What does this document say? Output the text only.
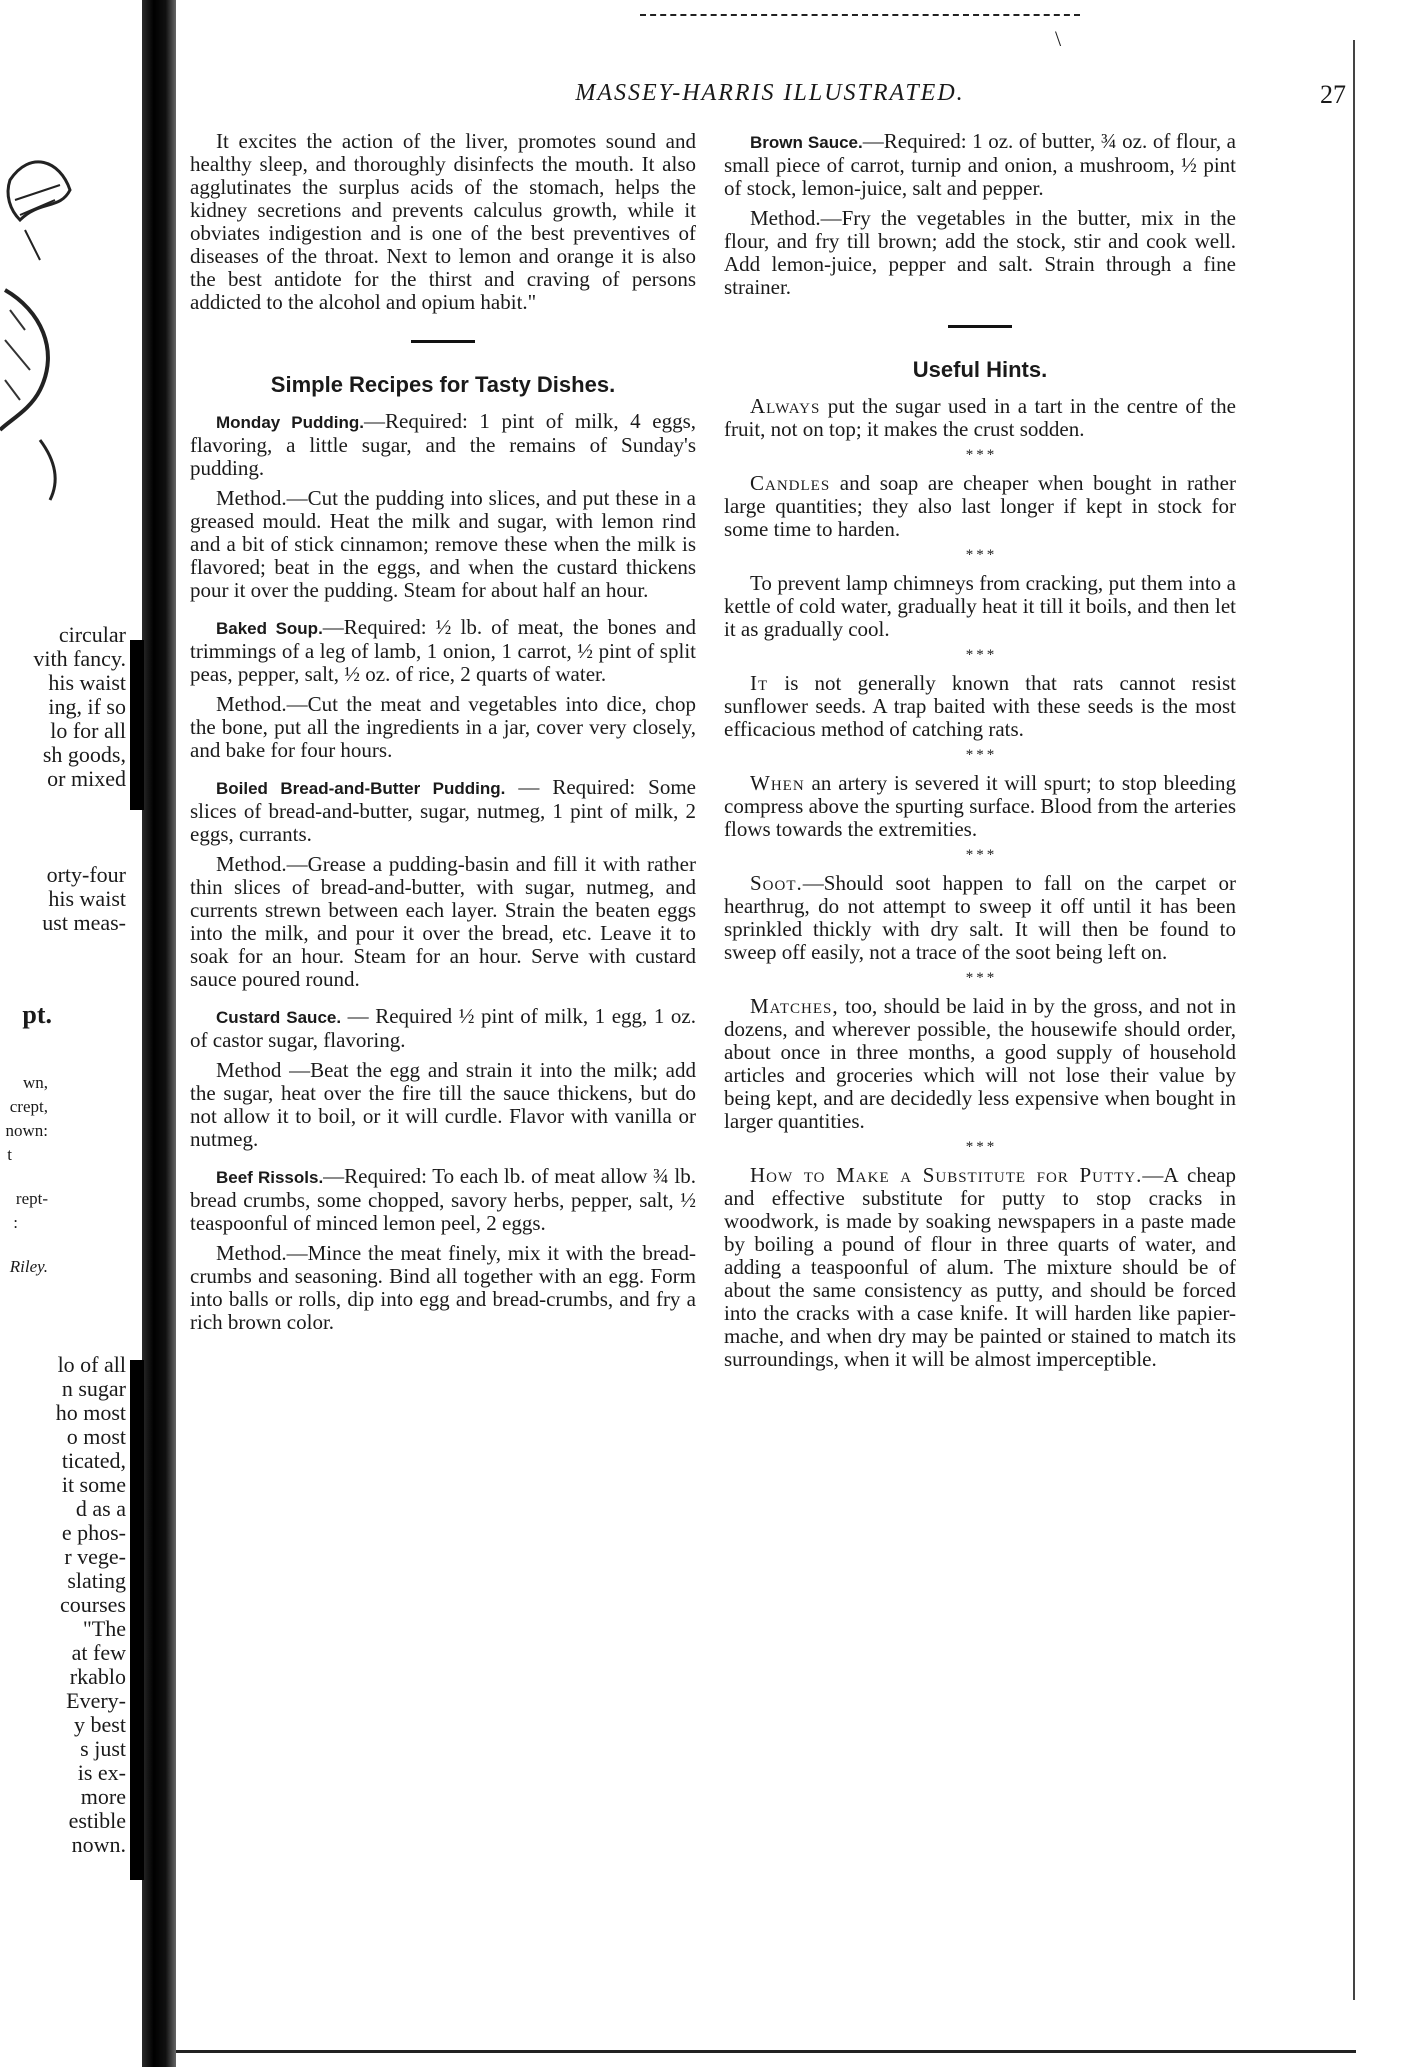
circular
vith fancy.
his waist
ing, if so
lo for all
sh goods,
or mixed
orty-four
his waist
ust meas-
pt.
wn,
crept,
nown:
t
rept-
:
Riley.
lo of all
n sugar
ho most
o most
ticated,
it some
d as a
e phos-
r vege-
slating
courses
"The
at few
rkablo
Every-
y best
s just
is ex-
more
estible
nown.
\
MASSEY-HARRIS ILLUSTRATED.	27

It excites the action of the liver, promotes sound and healthy sleep, and thoroughly disinfects the mouth. It also agglutinates the surplus acids of the stomach, helps the kidney secretions and prevents calculus growth, while it obviates indigestion and is one of the best preventives of diseases of the throat. Next to lemon and orange it is also the best antidote for the thirst and craving of persons addicted to the alcohol and opium habit."

Simple Recipes for Tasty Dishes.

Monday Pudding.—Required: 1 pint of milk, 4 eggs, flavoring, a little sugar, and the remains of Sunday's pudding.

Method.—Cut the pudding into slices, and put these in a greased mould. Heat the milk and sugar, with lemon rind and a bit of stick cinnamon; remove these when the milk is flavored; beat in the eggs, and when the custard thickens pour it over the pudding. Steam for about half an hour.

Baked Soup.—Required: ½ lb. of meat, the bones and trimmings of a leg of lamb, 1 onion, 1 carrot, ½ pint of split peas, pepper, salt, ½ oz. of rice, 2 quarts of water.

Method.—Cut the meat and vegetables into dice, chop the bone, put all the ingredients in a jar, cover very closely, and bake for four hours.

Boiled Bread-and-Butter Pudding. — Required: Some slices of bread-and-butter, sugar, nutmeg, 1 pint of milk, 2 eggs, currants.

Method.—Grease a pudding-basin and fill it with rather thin slices of bread-and-butter, with sugar, nutmeg, and currents strewn between each layer. Strain the beaten eggs into the milk, and pour it over the bread, etc. Leave it to soak for an hour. Steam for an hour. Serve with custard sauce poured round.

Custard Sauce. — Required ½ pint of milk, 1 egg, 1 oz. of castor sugar, flavoring.

Method —Beat the egg and strain it into the milk; add the sugar, heat over the fire till the sauce thickens, but do not allow it to boil, or it will curdle. Flavor with vanilla or nutmeg.

Beef Rissols.—Required: To each lb. of meat allow ¾ lb. bread crumbs, some chopped, savory herbs, pepper, salt, ½ teaspoonful of minced lemon peel, 2 eggs.

Method.—Mince the meat finely, mix it with the bread-crumbs and seasoning. Bind all together with an egg. Form into balls or rolls, dip into egg and bread-crumbs, and fry a rich brown color.

Brown Sauce.—Required: 1 oz. of butter, ¾ oz. of flour, a small piece of carrot, turnip and onion, a mushroom, ½ pint of stock, lemon-juice, salt and pepper.

Method.—Fry the vegetables in the butter, mix in the flour, and fry till brown; add the stock, stir and cook well. Add lemon-juice, pepper and salt. Strain through a fine strainer.

Useful Hints.

Always put the sugar used in a tart in the centre of the fruit, not on top; it makes the crust sodden.

* * *

Candles and soap are cheaper when bought in rather large quantities; they also last longer if kept in stock for some time to harden.

* * *

To prevent lamp chimneys from cracking, put them into a kettle of cold water, gradually heat it till it boils, and then let it as gradually cool.

* * *

It is not generally known that rats cannot resist sunflower seeds. A trap baited with these seeds is the most efficacious method of catching rats.

* * *

When an artery is severed it will spurt; to stop bleeding compress above the spurting surface. Blood from the arteries flows towards the extremities.

* * *

Soot.—Should soot happen to fall on the carpet or hearthrug, do not attempt to sweep it off until it has been sprinkled thickly with dry salt. It will then be found to sweep off easily, not a trace of the soot being left on.

* * *

Matches, too, should be laid in by the gross, and not in dozens, and wherever possible, the housewife should order, about once in three months, a good supply of household articles and groceries which will not lose their value by being kept, and are decidedly less expensive when bought in larger quantities.

* * *

How to Make a Substitute for Putty.—A cheap and effective substitute for putty to stop cracks in woodwork, is made by soaking newspapers in a paste made by boiling a pound of flour in three quarts of water, and adding a teaspoonful of alum. The mixture should be of about the same consistency as putty, and should be forced into the cracks with a case knife. It will harden like papier-mache, and when dry may be painted or stained to match its surroundings, when it will be almost imperceptible.
